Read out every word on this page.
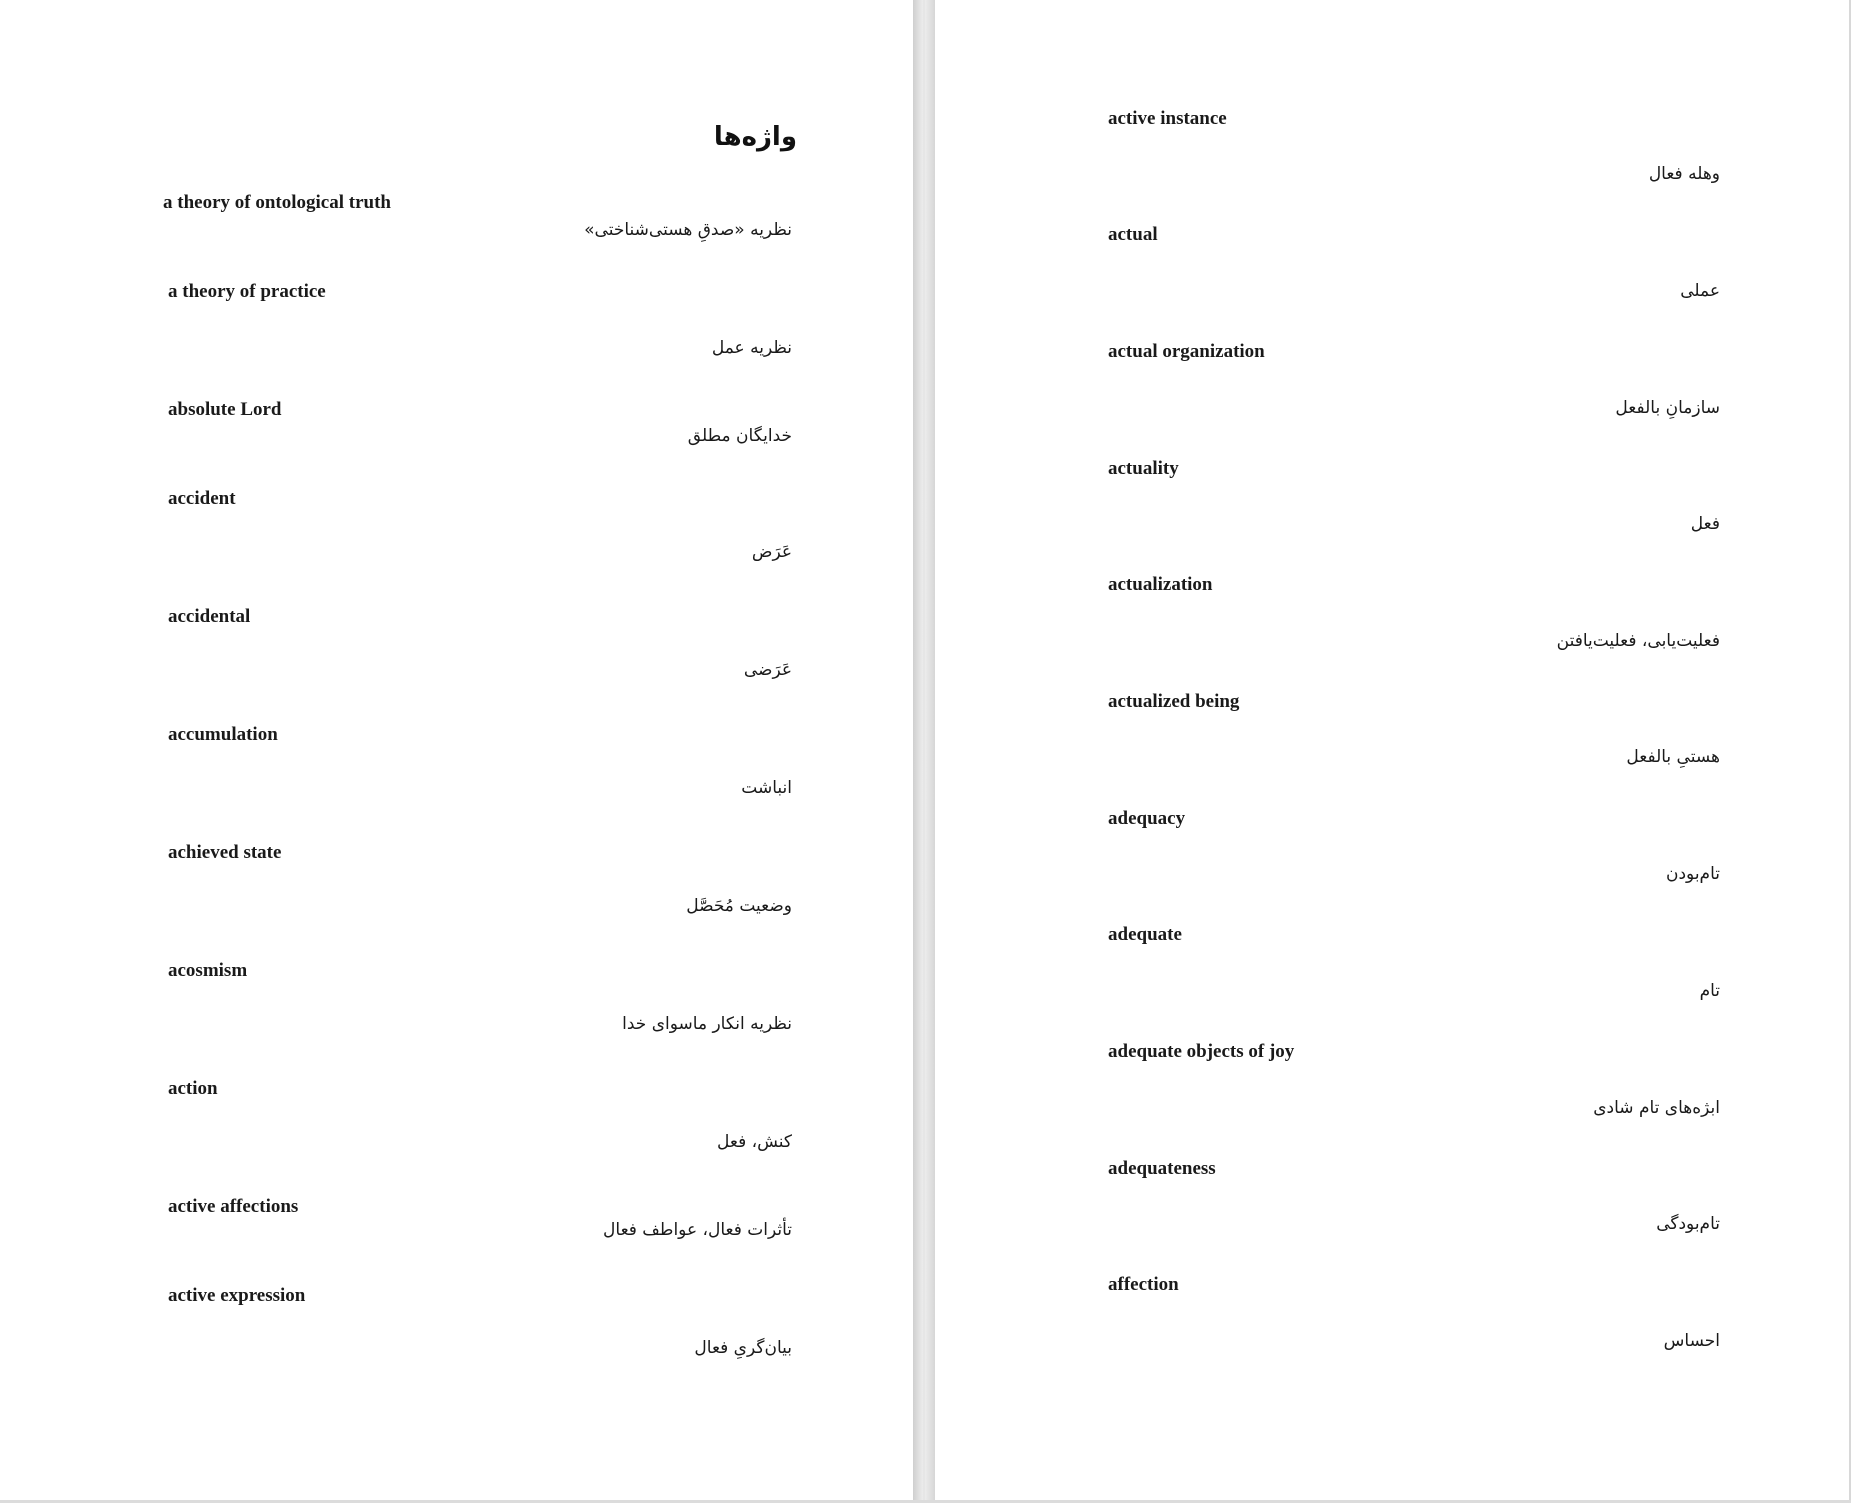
واژه‌ها
a theory of ontological truth
نظریه «صدقِ هستی‌شناختی»
a theory of practice
نظریه عمل
absolute Lord
خدایگان مطلق
accident
عَرَض
accidental
عَرَضی
accumulation
انباشت
achieved state
وضعیت مُحَصَّل
acosmism
نظریه انکار ماسوای خدا
action
کنش، فعل
active affections
تأثرات فعال، عواطف فعال
active expression
بیان‌گریِ فعال
active instance
وهله فعال
actual
عملی
actual organization
سازمانِ بالفعل
actuality
فعل
actualization
فعلیت‌یابی، فعلیت‌یافتن
actualized being
هستیِ بالفعل
adequacy
تام‌بودن
adequate
تام
adequate objects of joy
ابژه‌های تام شادی
adequateness
تام‌بودگی
affection
احساس
